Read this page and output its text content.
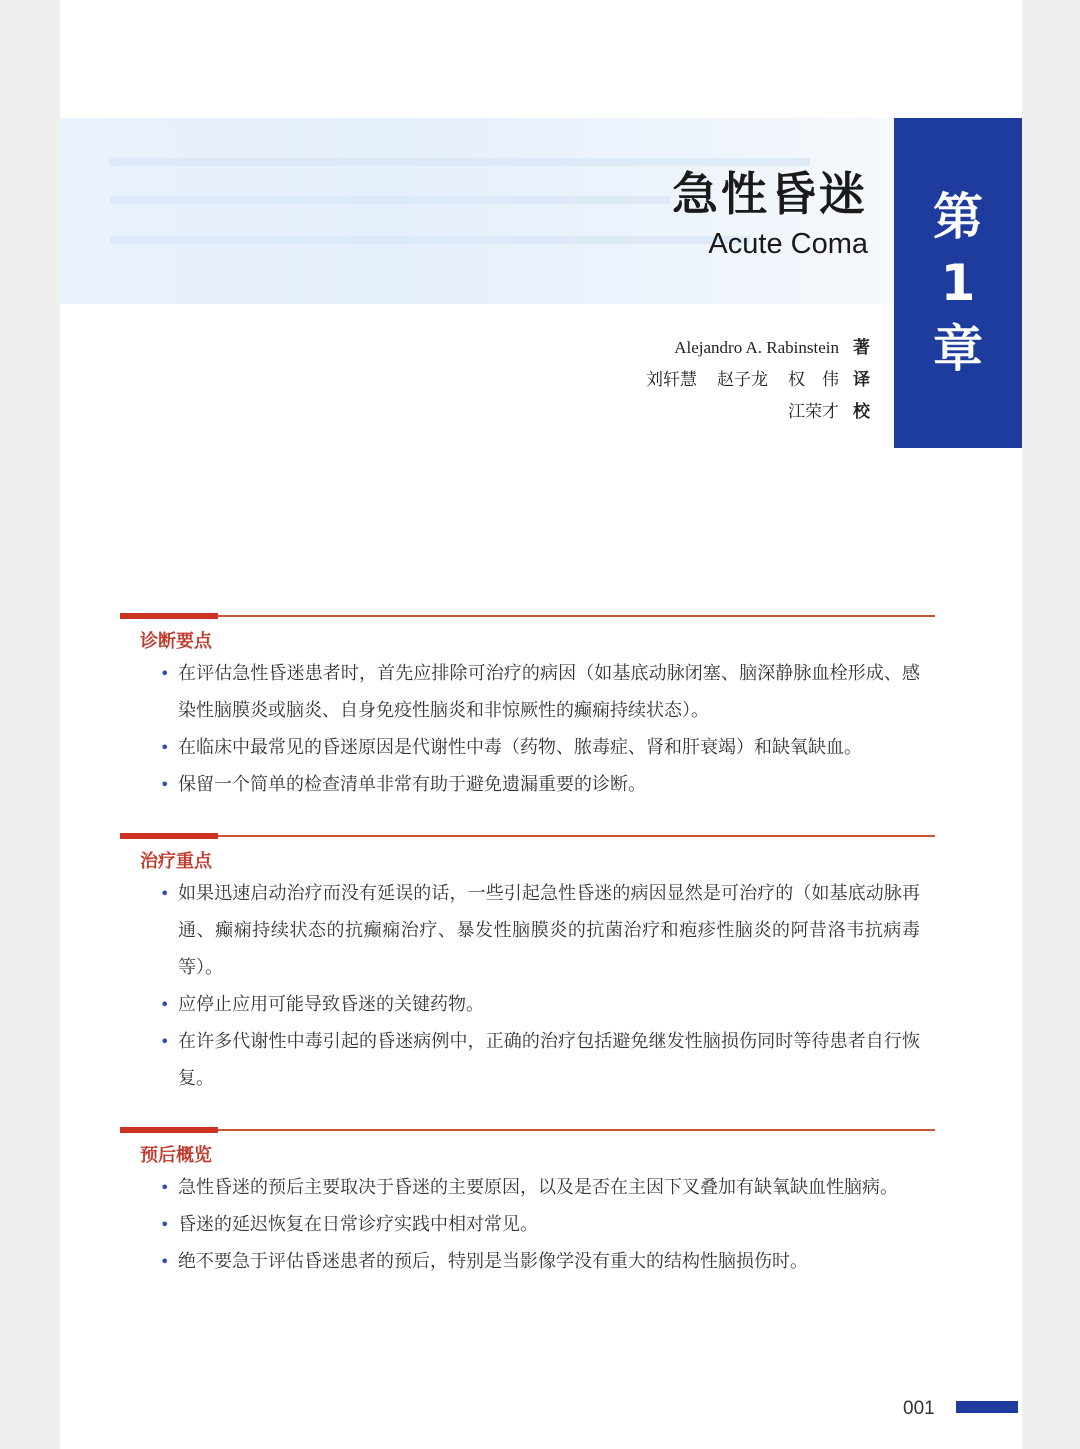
急性昏迷
Acute Coma 第
1
章
Alejandro A. Rabinstein 著
刘轩慧 赵子龙 权　伟 译
江荣才 校
诊断要点
• 在评估急性昏迷患者时，首先应排除可治疗的病因（如基底动脉闭塞、脑深静脉血栓形成、感染性脑膜炎或脑炎、自身免疫性脑炎和非惊厥性的癫痫持续状态）。
• 在临床中最常见的昏迷原因是代谢性中毒（药物、脓毒症、肾和肝衰竭）和缺氧缺血。
• 保留一个简单的检查清单非常有助于避免遗漏重要的诊断。
治疗重点
• 如果迅速启动治疗而没有延误的话，一些引起急性昏迷的病因显然是可治疗的（如基底动脉再通、癫痫持续状态的抗癫痫治疗、暴发性脑膜炎的抗菌治疗和疱疹性脑炎的阿昔洛韦抗病毒等）。
• 应停止应用可能导致昏迷的关键药物。
• 在许多代谢性中毒引起的昏迷病例中，正确的治疗包括避免继发性脑损伤同时等待患者自行恢复。
预后概览
• 急性昏迷的预后主要取决于昏迷的主要原因，以及是否在主因下叉叠加有缺氧缺血性脑病。
• 昏迷的延迟恢复在日常诊疗实践中相对常见。
• 绝不要急于评估昏迷患者的预后，特别是当影像学没有重大的结构性脑损伤时。
001
